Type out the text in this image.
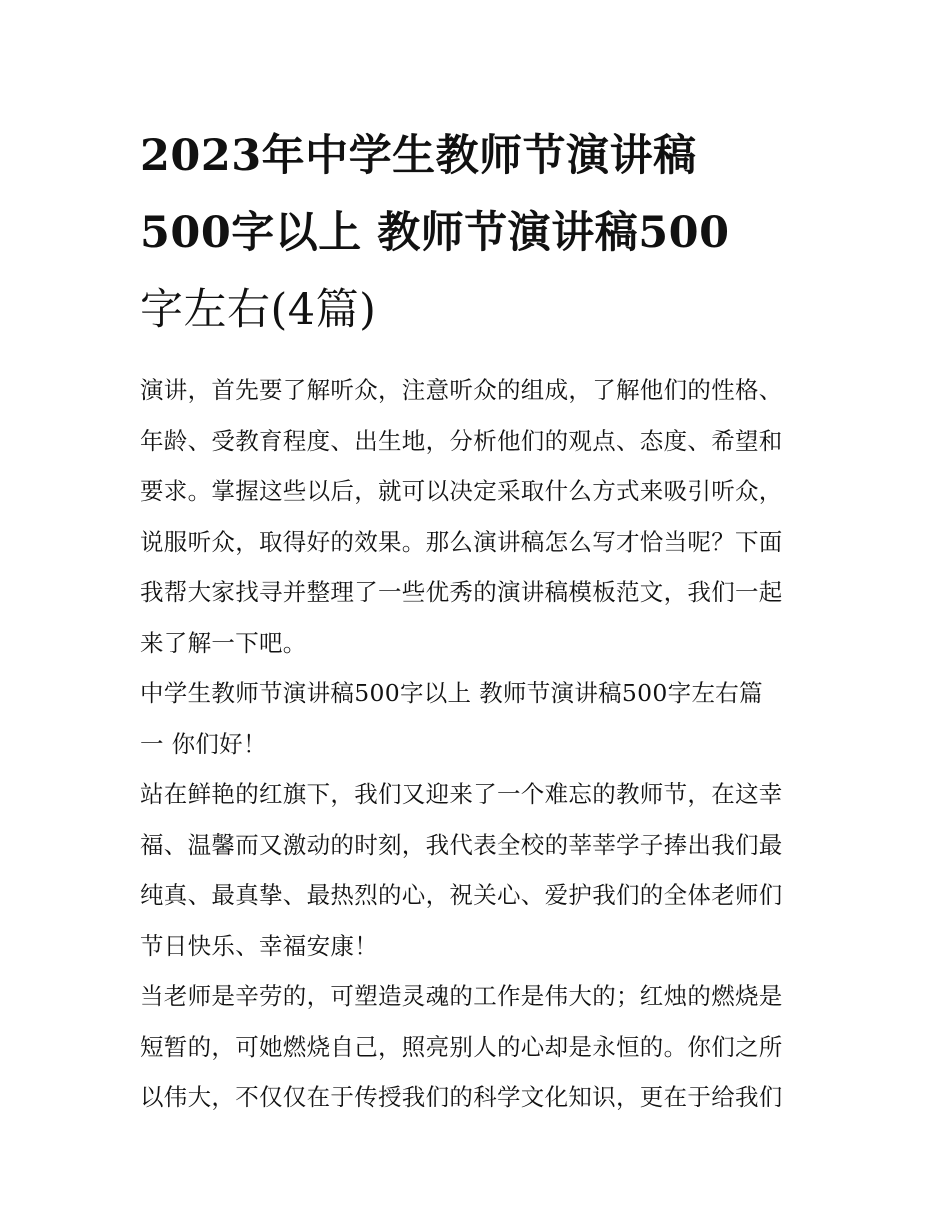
2023年中学生教师节演讲稿
500字以上 教师节演讲稿500
字左右(4篇)

演讲，首先要了解听众，注意听众的组成，了解他们的性格、
年龄、受教育程度、出生地，分析他们的观点、态度、希望和
要求。掌握这些以后，就可以决定采取什么方式来吸引听众，
说服听众，取得好的效果。那么演讲稿怎么写才恰当呢？下面
我帮大家找寻并整理了一些优秀的演讲稿模板范文，我们一起
来了解一下吧。

中学生教师节演讲稿500字以上 教师节演讲稿500字左右篇
一 你们好！

站在鲜艳的红旗下，我们又迎来了一个难忘的教师节，在这幸
福、温馨而又激动的时刻，我代表全校的莘莘学子捧出我们最
纯真、最真挚、最热烈的心，祝关心、爱护我们的全体老师们
节日快乐、幸福安康！

当老师是辛劳的，可塑造灵魂的工作是伟大的；红烛的燃烧是
短暂的，可她燃烧自己，照亮别人的心却是永恒的。你们之所
以伟大，不仅仅在于传授我们的科学文化知识，更在于给我们
